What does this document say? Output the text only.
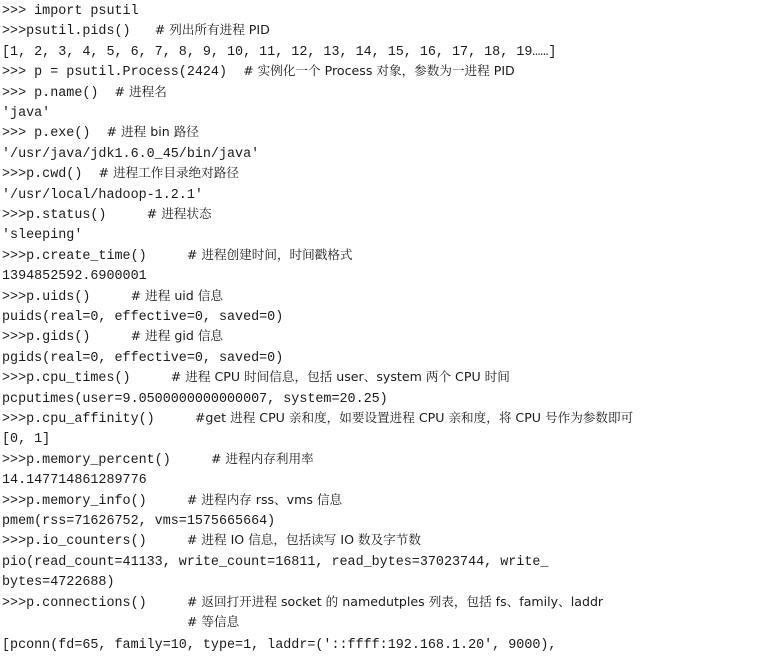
>>> import psutil

>>>psutil.pids()   # 列出所有进程 PID

[1, 2, 3, 4, 5, 6, 7, 8, 9, 10, 11, 12, 13, 14, 15, 16, 17, 18, 19……]

>>> p = psutil.Process(2424)  # 实例化一个 Process 对象，参数为一进程 PID

>>> p.name()  # 进程名

'java'

>>> p.exe()  # 进程 bin 路径

'/usr/java/jdk1.6.0_45/bin/java'

>>>p.cwd()  # 进程工作目录绝对路径

'/usr/local/hadoop-1.2.1'

>>>p.status()     # 进程状态

'sleeping'

>>>p.create_time()     # 进程创建时间，时间戳格式

1394852592.6900001

>>>p.uids()     # 进程 uid 信息

puids(real=0, effective=0, saved=0)

>>>p.gids()     # 进程 gid 信息

pgids(real=0, effective=0, saved=0)

>>>p.cpu_times()     # 进程 CPU 时间信息，包括 user、system 两个 CPU 时间

pcputimes(user=9.0500000000000007, system=20.25)

>>>p.cpu_affinity()     #get 进程 CPU 亲和度，如要设置进程 CPU 亲和度，将 CPU 号作为参数即可

[0, 1]

>>>p.memory_percent()     # 进程内存利用率

14.147714861289776

>>>p.memory_info()     # 进程内存 rss、vms 信息

pmem(rss=71626752, vms=1575665664)

>>>p.io_counters()     # 进程 IO 信息，包括读写 IO 数及字节数

pio(read_count=41133, write_count=16811, read_bytes=37023744, write_

bytes=4722688)

>>>p.connections()     # 返回打开进程 socket 的 namedutples 列表，包括 fs、family、laddr

# 等信息

[pconn(fd=65, family=10, type=1, laddr=('::ffff:192.168.1.20', 9000),
